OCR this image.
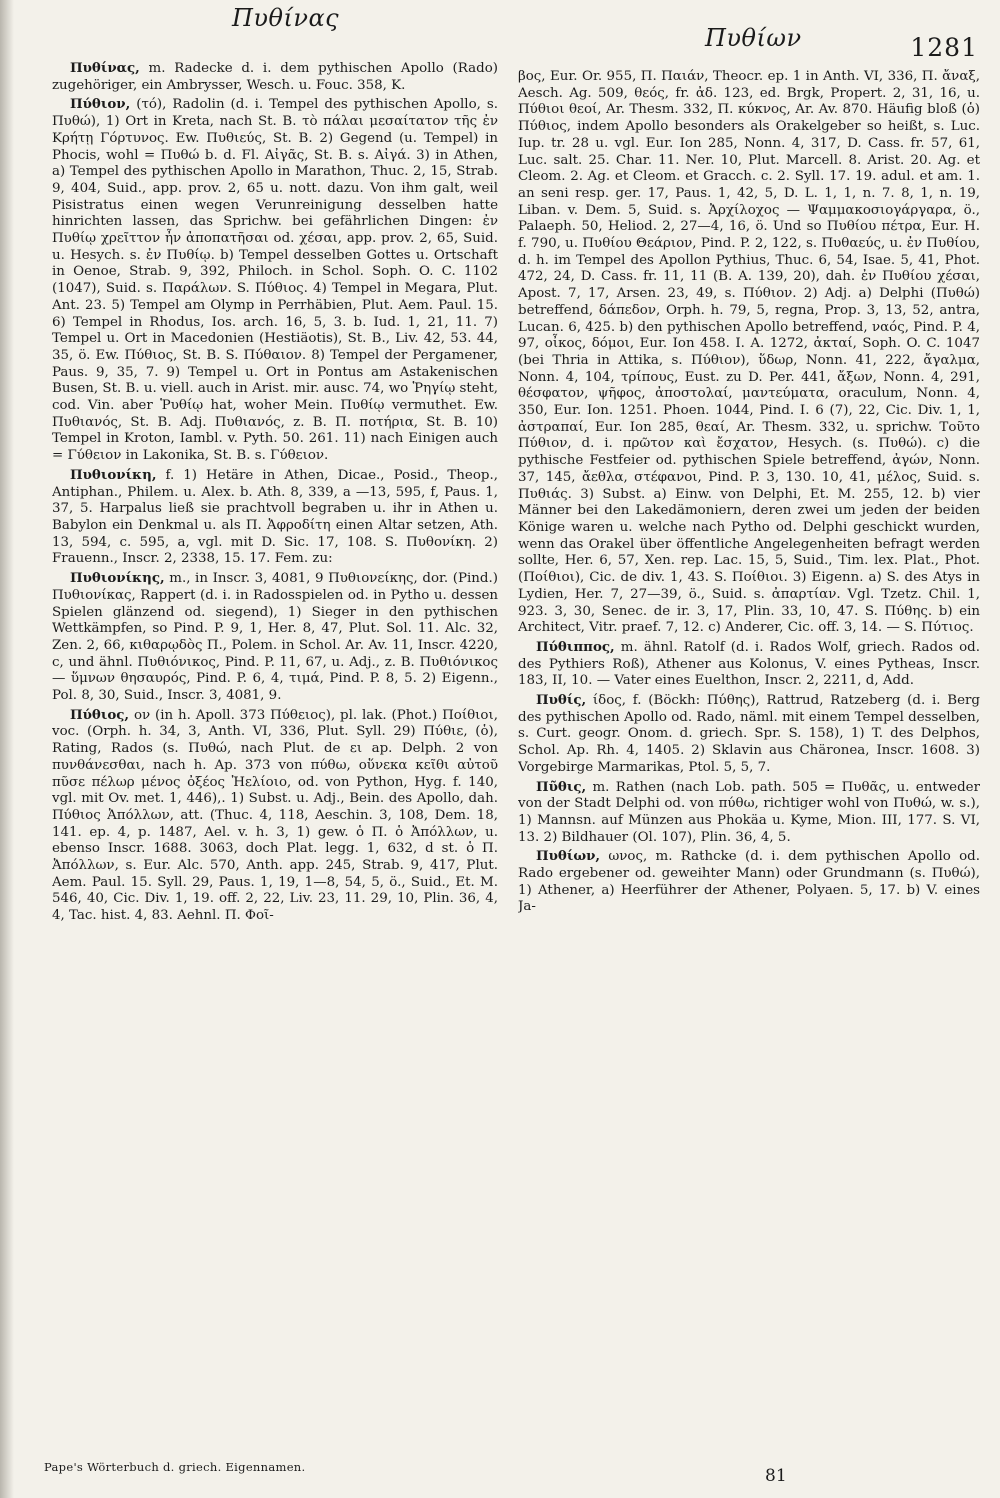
Πυθίνας
Πυθίων	1281

Πυθίνας, m. Radecke d. i. dem pythischen Apollo (Rado) zugehöriger, ein Ambrysser, Wesch. u. Fouc. 358, K.

Πύθιον, (τό), Radolin (d. i. Tempel des pythischen Apollo, s. Πυθώ), 1) Ort in Kreta, nach St. B. τὸ πάλαι μεσαίτατον τῆς ἐν Κρήτῃ Γόρτυνος. Ew. Πυθιεύς, St. B. 2) Gegend (u. Tempel) in Phocis, wohl = Πυθώ b. d. Fl. Αἰγᾶς, St. B. s. Αἰγά. 3) in Athen, a) Tempel des pythischen Apollo in Marathon, Thuc. 2, 15, Strab. 9, 404, Suid., app. prov. 2, 65 u. nott. dazu. Von ihm galt, weil Pisistratus einen wegen Verunreinigung desselben hatte hinrichten lassen, das Sprichw. bei gefährlichen Dingen: ἐν Πυθίῳ χρεῖττον ἦν ἀποπατῆσαι od. χέσαι, app. prov. 2, 65, Suid. u. Hesych. s. ἐν Πυθίῳ. b) Tempel desselben Gottes u. Ortschaft in Oenoe, Strab. 9, 392, Philoch. in Schol. Soph. O. C. 1102 (1047), Suid. s. Παράλων. S. Πύθιος. 4) Tempel in Megara, Plut. Ant. 23. 5) Tempel am Olymp in Perrhäbien, Plut. Aem. Paul. 15. 6) Tempel in Rhodus, Ios. arch. 16, 5, 3. b. Iud. 1, 21, 11. 7) Tempel u. Ort in Macedonien (Hestiäotis), St. B., Liv. 42, 53. 44, 35, ö. Ew. Πύθιος, St. B. S. Πύθαιον. 8) Tempel der Pergamener, Paus. 9, 35, 7. 9) Tempel u. Ort in Pontus am Astakenischen Busen, St. B. u. viell. auch in Arist. mir. ausc. 74, wo Ῥηγίῳ steht, cod. Vin. aber Ῥυθίῳ hat, woher Mein. Πυθίῳ vermuthet. Ew. Πυθιανός, St. B. Adj. Πυθιανός, z. B. Π. ποτήρια, St. B. 10) Tempel in Kroton, Iambl. v. Pyth. 50. 261. 11) nach Einigen auch = Γύθειον in Lakonika, St. B. s. Γύθειον.

Πυθιονίκη, f. 1) Hetäre in Athen, Dicae., Posid., Theop., Antiphan., Philem. u. Alex. b. Ath. 8, 339, a —13, 595, f, Paus. 1, 37, 5. Harpalus ließ sie prachtvoll begraben u. ihr in Athen u. Babylon ein Denkmal u. als Π. Ἀφροδίτη einen Altar setzen, Ath. 13, 594, c. 595, a, vgl. mit D. Sic. 17, 108. S. Πυθονίκη. 2) Frauenn., Inscr. 2, 2338, 15. 17. Fem. zu:

Πυθιονίκης, m., in Inscr. 3, 4081, 9 Πυθιονείκης, dor. (Pind.) Πυθιονίκας, Rappert (d. i. in Radosspielen od. in Pytho u. dessen Spielen glänzend od. siegend), 1) Sieger in den pythischen Wettkämpfen, so Pind. P. 9, 1, Her. 8, 47, Plut. Sol. 11. Alc. 32, Zen. 2, 66, κιθαρῳδὸς Π., Polem. in Schol. Ar. Av. 11, Inscr. 4220, c, und ähnl. Πυθιόνικος, Pind. P. 11, 67, u. Adj., z. B. Πυθιόνικος — ὕμνων θησαυρός, Pind. P. 6, 4, τιμά, Pind. P. 8, 5. 2) Eigenn., Pol. 8, 30, Suid., Inscr. 3, 4081, 9.

Πύθιος, ον (in h. Apoll. 373 Πύθειος), pl. lak. (Phot.) Ποίθιοι, voc. (Orph. h. 34, 3, Anth. VI, 336, Plut. Syll. 29) Πύθιε, (ὁ), Rating, Rados (s. Πυθώ, nach Plut. de ει ap. Delph. 2 von πυνθάνεσθαι, nach h. Ap. 373 von πύθω, οὕνεκα κεῖθι αὐτοῦ πῦσε πέλωρ μένος ὀξέος Ἠελίοιο, od. von Python, Hyg. f. 140, vgl. mit Ov. met. 1, 446),. 1) Subst. u. Adj., Bein. des Apollo, dah. Πύθιος Ἀπόλλων, att. (Thuc. 4, 118, Aeschin. 3, 108, Dem. 18, 141. ep. 4, p. 1487, Ael. v. h. 3, 1) gew. ὁ Π. ὁ Ἀπόλλων, u. ebenso Inscr. 1688. 3063, doch Plat. legg. 1, 632, d st. ὁ Π. Ἀπόλλων, s. Eur. Alc. 570, Anth. app. 245, Strab. 9, 417, Plut. Aem. Paul. 15. Syll. 29, Paus. 1, 19, 1—8, 54, 5, ö., Suid., Et. M. 546, 40, Cic. Div. 1, 19. off. 2, 22, Liv. 23, 11. 29, 10, Plin. 36, 4, 4, Tac. hist. 4, 83. Aehnl. Π. Φοῖ-

βος, Eur. Or. 955, Π. Παιάν, Theocr. ep. 1 in Anth. VI, 336, Π. ἄναξ, Aesch. Ag. 509, θεός, fr. ἀδ. 123, ed. Brgk, Propert. 2, 31, 16, u. Πύθιοι θεοί, Ar. Thesm. 332, Π. κύκνος, Ar. Av. 870. Häufig bloß (ὁ) Πύθιος, indem Apollo besonders als Orakelgeber so heißt, s. Luc. Iup. tr. 28 u. vgl. Eur. Ion 285, Nonn. 4, 317, D. Cass. fr. 57, 61, Luc. salt. 25. Char. 11. Ner. 10, Plut. Marcell. 8. Arist. 20. Ag. et Cleom. 2. Ag. et Cleom. et Gracch. c. 2. Syll. 17. 19. adul. et am. 1. an seni resp. ger. 17, Paus. 1, 42, 5, D. L. 1, 1, n. 7. 8, 1, n. 19, Liban. v. Dem. 5, Suid. s. Ἀρχίλοχος — Ψαμμακοσιογάργαρα, ö., Palaeph. 50, Heliod. 2, 27—4, 16, ö. Und so Πυθίου πέτρα, Eur. H. f. 790, u. Πυθίου Θεάριον, Pind. P. 2, 122, s. Πυθαεύς, u. ἐν Πυθίου, d. h. im Tempel des Apollon Pythius, Thuc. 6, 54, Isae. 5, 41, Phot. 472, 24, D. Cass. fr. 11, 11 (B. A. 139, 20), dah. ἐν Πυθίου χέσαι, Apost. 7, 17, Arsen. 23, 49, s. Πύθιον. 2) Adj. a) Delphi (Πυθώ) betreffend, δάπεδον, Orph. h. 79, 5, regna, Prop. 3, 13, 52, antra, Lucan. 6, 425. b) den pythischen Apollo betreffend, ναός, Pind. P. 4, 97, οἶκος, δόμοι, Eur. Ion 458. I. A. 1272, ἀκταί, Soph. O. C. 1047 (bei Thria in Attika, s. Πύθιον), ὕδωρ, Nonn. 41, 222, ἄγαλμα, Nonn. 4, 104, τρίπους, Eust. zu D. Per. 441, ἄξων, Nonn. 4, 291, θέσφατον, ψῆφος, ἀποστολαί, μαντεύματα, oraculum, Nonn. 4, 350, Eur. Ion. 1251. Phoen. 1044, Pind. I. 6 (7), 22, Cic. Div. 1, 1, ἀστραπαί, Eur. Ion 285, θεαί, Ar. Thesm. 332, u. sprichw. Τοῦτο Πύθιον, d. i. πρῶτον καὶ ἔσχατον, Hesych. (s. Πυθώ). c) die pythische Festfeier od. pythischen Spiele betreffend, ἀγών, Nonn. 37, 145, ἄεθλα, στέφανοι, Pind. P. 3, 130. 10, 41, μέλος, Suid. s. Πυθιάς. 3) Subst. a) Einw. von Delphi, Et. M. 255, 12. b) vier Männer bei den Lakedämoniern, deren zwei um jeden der beiden Könige waren u. welche nach Pytho od. Delphi geschickt wurden, wenn das Orakel über öffentliche Angelegenheiten befragt werden sollte, Her. 6, 57, Xen. rep. Lac. 15, 5, Suid., Tim. lex. Plat., Phot. (Ποίθιοι), Cic. de div. 1, 43. S. Ποίθιοι. 3) Eigenn. a) S. des Atys in Lydien, Her. 7, 27—39, ö., Suid. s. ἀπαρτίαν. Vgl. Tzetz. Chil. 1, 923. 3, 30, Senec. de ir. 3, 17, Plin. 33, 10, 47. S. Πύθης. b) ein Architect, Vitr. praef. 7, 12. c) Anderer, Cic. off. 3, 14. — S. Πύτιος.

Πύθιππος, m. ähnl. Ratolf (d. i. Rados Wolf, griech. Rados od. des Pythiers Roß), Athener aus Kolonus, V. eines Pytheas, Inscr. 183, II, 10. — Vater eines Euelthon, Inscr. 2, 2211, d, Add.

Πυθίς, ίδος, f. (Böckh: Πύθης), Rattrud, Ratzeberg (d. i. Berg des pythischen Apollo od. Rado, näml. mit einem Tempel desselben, s. Curt. geogr. Onom. d. griech. Spr. S. 158), 1) T. des Delphos, Schol. Ap. Rh. 4, 1405. 2) Sklavin aus Chäronea, Inscr. 1608. 3) Vorgebirge Marmarikas, Ptol. 5, 5, 7.

Πῦθις, m. Rathen (nach Lob. path. 505 = Πυθᾶς, u. entweder von der Stadt Delphi od. von πύθω, richtiger wohl von Πυθώ, w. s.), 1) Mannsn. auf Münzen aus Phokäa u. Kyme, Mion. III, 177. S. VI, 13. 2) Bildhauer (Ol. 107), Plin. 36, 4, 5.

Πυθίων, ωνος, m. Rathcke (d. i. dem pythischen Apollo od. Rado ergebener od. geweihter Mann) oder Grundmann (s. Πυθώ), 1) Athener, a) Heerführer der Athener, Polyaen. 5, 17. b) V. eines Ja-

Pape's Wörterbuch d. griech. Eigennamen.	81
